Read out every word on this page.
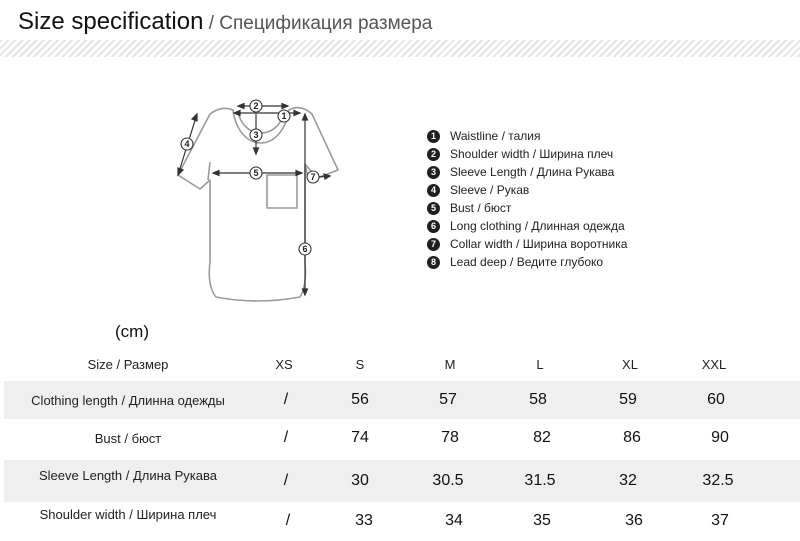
Size specification / Спецификация размера
1
2
3
4
5
6
7
1	Waistline / талия
2	Shoulder width / Ширина плеч
3	Sleeve Length / Длина Рукава
4	Sleeve / Рукав
5	Bust / бюст
6	Long clothing / Длинная одежда
7	Collar width / Ширина воротника
8	Lead deep / Ведите глубоко
(cm)
Size / Размер	XS	S	M	L	XL	XXL
Clothing length / Длинна одежды	/	56	57	58	59	60
Bust / бюст	/	74	78	82	86	90
Sleeve Length / Длина Рукава	/	30	30.5	31.5	32	32.5
Shoulder width / Ширина плеч	/	33	34	35	36	37
